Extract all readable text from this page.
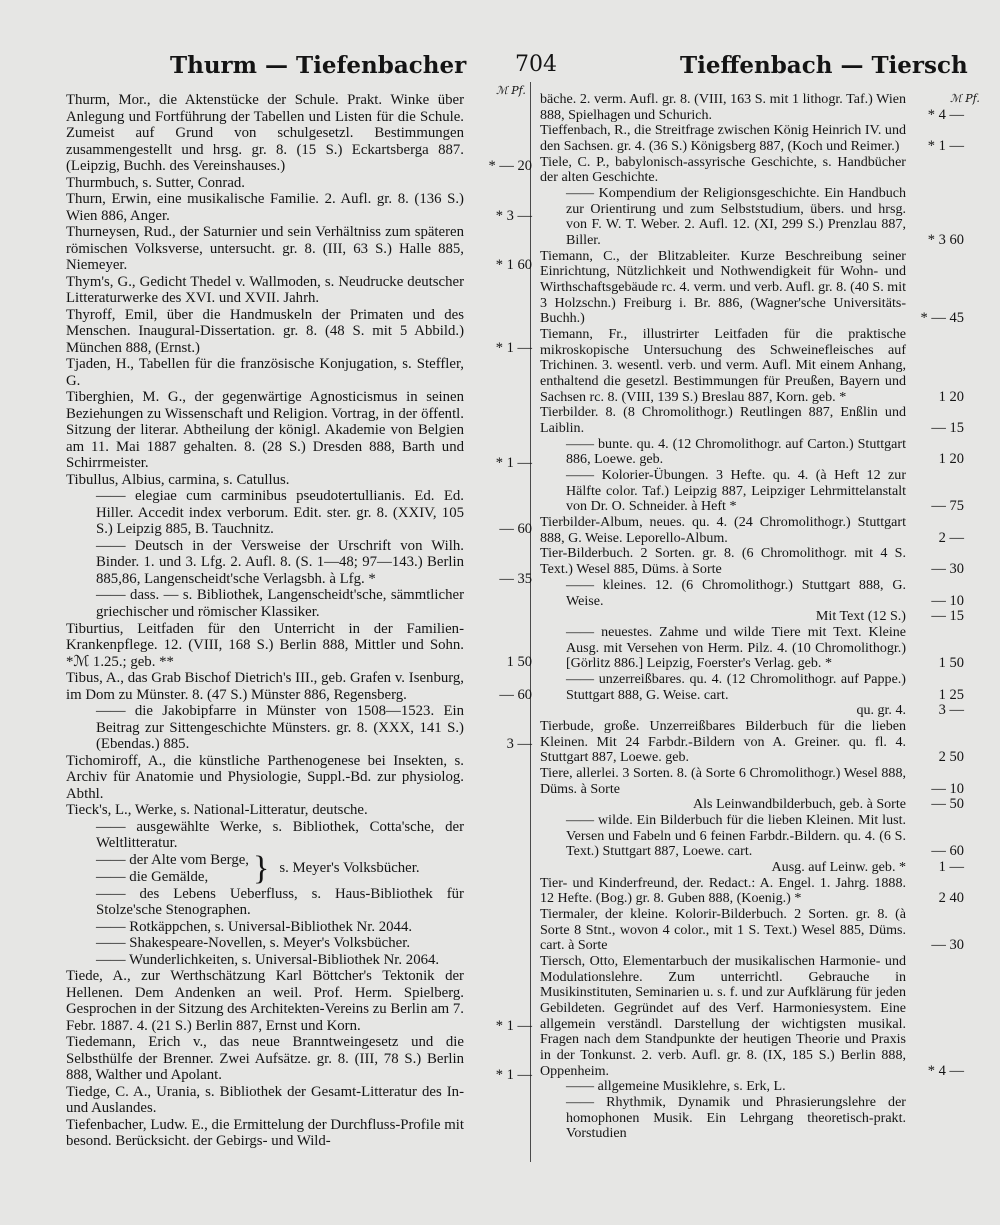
Thurm — Tiefenbacher 704	Tieffenbach — Tiersch
ℳ Pf.
ℳ Pf.
Thurm, Mor., die Aktenstücke der Schule. Prakt. Winke über Anlegung und Fortführung der Tabellen und Listen für die Schule. Zumeist auf Grund von schulgesetzl. Bestimmungen zusammengestellt und hrsg. gr. 8. (15 S.) Eckartsberga 887. (Leipzig, Buchh. des Vereinshauses.)	* — 20
Thurmbuch, s. Sutter, Conrad.
Thurn, Erwin, eine musikalische Familie. 2. Aufl. gr. 8. (136 S.) Wien 886, Anger.	* 3 —
Thurneysen, Rud., der Saturnier und sein Verhältniss zum späteren römischen Volksverse, untersucht. gr. 8. (III, 63 S.) Halle 885, Niemeyer.	* 1 60
Thym's, G., Gedicht Thedel v. Wallmoden, s. Neudrucke deutscher Litteraturwerke des XVI. und XVII. Jahrh.
Thyroff, Emil, über die Handmuskeln der Primaten und des Menschen. Inaugural-Dissertation. gr. 8. (48 S. mit 5 Abbild.) München 888, (Ernst.)	* 1 —
Tjaden, H., Tabellen für die französische Konjugation, s. Steffler, G.
Tiberghien, M. G., der gegenwärtige Agnosticismus in seinen Beziehungen zu Wissenschaft und Religion. Vortrag, in der öffentl. Sitzung der literar. Abtheilung der königl. Akademie von Belgien am 11. Mai 1887 gehalten. 8. (28 S.) Dresden 888, Barth und Schirrmeister.	* 1 —
Tibullus, Albius, carmina, s. Catullus.
—— elegiae cum carminibus pseudotertullianis. Ed. Ed. Hiller. Accedit index verborum. Edit. ster. gr. 8. (XXIV, 105 S.) Leipzig 885, B. Tauchnitz.	— 60
—— Deutsch in der Versweise der Urschrift von Wilh. Binder. 1. und 3. Lfg. 2. Aufl. 8. (S. 1—48; 97—143.) Berlin 885,86, Langenscheidt'sche Verlagsbh. à Lfg. *	— 35
—— dass. — s. Bibliothek, Langenscheidt'sche, sämmtlicher griechischer und römischer Klassiker.
Tiburtius, Leitfaden für den Unterricht in der Familien-Krankenpflege. 12. (VIII, 168 S.) Berlin 888, Mittler und Sohn. *ℳ 1.25.; geb. **	1 50
Tibus, A., das Grab Bischof Dietrich's III., geb. Grafen v. Isenburg, im Dom zu Münster. 8. (47 S.) Münster 886, Regensberg.	— 60
—— die Jakobipfarre in Münster von 1508—1523. Ein Beitrag zur Sittengeschichte Münsters. gr. 8. (XXX, 141 S.) (Ebendas.) 885.	3 —
Tichomiroff, A., die künstliche Parthenogenese bei Insekten, s. Archiv für Anatomie und Physiologie, Suppl.-Bd. zur physiolog. Abthl.
Tieck's, L., Werke, s. National-Litteratur, deutsche.
—— ausgewählte Werke, s. Bibliothek, Cotta'sche, der Weltlitteratur.
—— der Alte vom Berge,
—— die Gemälde,	} s. Meyer's Volksbücher.
—— des Lebens Ueberfluss, s. Haus-Bibliothek für Stolze'sche Stenographen.
—— Rotkäppchen, s. Universal-Bibliothek Nr. 2044.
—— Shakespeare-Novellen, s. Meyer's Volksbücher.
—— Wunderlichkeiten, s. Universal-Bibliothek Nr. 2064.
Tiede, A., zur Werthschätzung Karl Böttcher's Tektonik der Hellenen. Dem Andenken an weil. Prof. Herm. Spielberg. Gesprochen in der Sitzung des Architekten-Vereins zu Berlin am 7. Febr. 1887. 4. (21 S.) Berlin 887, Ernst und Korn.	* 1 —
Tiedemann, Erich v., das neue Branntweingesetz und die Selbsthülfe der Brenner. Zwei Aufsätze. gr. 8. (III, 78 S.) Berlin 888, Walther und Apolant.	* 1 —
Tiedge, C. A., Urania, s. Bibliothek der Gesamt-Litteratur des In- und Auslandes.
Tiefenbacher, Ludw. E., die Ermittelung der Durchfluss-Profile mit besond. Berücksicht. der Gebirgs- und Wild-
bäche. 2. verm. Aufl. gr. 8. (VIII, 163 S. mit 1 lithogr. Taf.) Wien 888, Spielhagen und Schurich.	* 4 —
Tieffenbach, R., die Streitfrage zwischen König Heinrich IV. und den Sachsen. gr. 4. (36 S.) Königsberg 887, (Koch und Reimer.) * 1 —
Tiele, C. P., babylonisch-assyrische Geschichte, s. Handbücher der alten Geschichte.
—— Kompendium der Religionsgeschichte. Ein Handbuch zur Orientirung und zum Selbststudium, übers. und hrsg. von F. W. T. Weber. 2. Aufl. 12. (XI, 299 S.) Prenzlau 887, Biller.	* 3 60
Tiemann, C., der Blitzableiter. Kurze Beschreibung seiner Einrichtung, Nützlichkeit und Nothwendigkeit für Wohn- und Wirthschaftsgebäude rc. 4. verm. und verb. Aufl. gr. 8. (40 S. mit 3 Holzschn.) Freiburg i. Br. 886, (Wagner'sche Universitäts-Buchh.)	* — 45
Tiemann, Fr., illustrirter Leitfaden für die praktische mikroskopische Untersuchung des Schweinefleisches auf Trichinen. 3. wesentl. verb. und verm. Aufl. Mit einem Anhang, enthaltend die gesetzl. Bestimmungen für Preußen, Bayern und Sachsen rc. 8. (VIII, 139 S.) Breslau 887, Korn. geb. *	1 20
Tierbilder. 8. (8 Chromolithogr.) Reutlingen 887, Enßlin und Laiblin.	— 15
—— bunte. qu. 4. (12 Chromolithogr. auf Carton.) Stuttgart 886, Loewe. geb.	1 20
—— Kolorier-Übungen. 3 Hefte. qu. 4. (à Heft 12 zur Hälfte color. Taf.) Leipzig 887, Leipziger Lehrmittelanstalt von Dr. O. Schneider. à Heft *	— 75
Tierbilder-Album, neues. qu. 4. (24 Chromolithogr.) Stuttgart 888, G. Weise. Leporello-Album.	2 —
Tier-Bilderbuch. 2 Sorten. gr. 8. (6 Chromolithogr. mit 4 S. Text.) Wesel 885, Düms. à Sorte	— 30
—— kleines. 12. (6 Chromolithogr.) Stuttgart 888, G. Weise.	— 10
Mit Text (12 S.) — 15
—— neuestes. Zahme und wilde Tiere mit Text. Kleine Ausg. mit Versehen von Herm. Pilz. 4. (10 Chromolithogr.) [Görlitz 886.] Leipzig, Foerster's Verlag. geb. *	1 50
—— unzerreißbares. qu. 4. (12 Chromolithogr. auf Pappe.) Stuttgart 888, G. Weise. cart.	1 25
qu. gr. 4. 3 —
Tierbude, große. Unzerreißbares Bilderbuch für die lieben Kleinen. Mit 24 Farbdr.-Bildern von A. Greiner. qu. fl. 4. Stuttgart 887, Loewe. geb.	2 50
Tiere, allerlei. 3 Sorten. 8. (à Sorte 6 Chromolithogr.) Wesel 888, Düms. à Sorte	— 10
Als Leinwandbilderbuch, geb. à Sorte — 50
—— wilde. Ein Bilderbuch für die lieben Kleinen. Mit lust. Versen und Fabeln und 6 feinen Farbdr.-Bildern. qu. 4. (6 S. Text.) Stuttgart 887, Loewe. cart.	— 60
Ausg. auf Leinw. geb. * 1 —
Tier- und Kinderfreund, der. Redact.: A. Engel. 1. Jahrg. 1888. 12 Hefte. (Bog.) gr. 8. Guben 888, (Koenig.) *	2 40
Tiermaler, der kleine. Kolorir-Bilderbuch. 2 Sorten. gr. 8. (à Sorte 8 Stnt., wovon 4 color., mit 1 S. Text.) Wesel 885, Düms. cart. à Sorte	— 30
Tiersch, Otto, Elementarbuch der musikalischen Harmonie- und Modulationslehre. Zum unterrichtl. Gebrauche in Musikinstituten, Seminarien u. s. f. und zur Aufklärung für jeden Gebildeten. Gegründet auf des Verf. Harmoniesystem. Eine allgemein verständl. Darstellung der wichtigsten musikal. Fragen nach dem Standpunkte der heutigen Theorie und Praxis in der Tonkunst. 2. verb. Aufl. gr. 8. (IX, 185 S.) Berlin 888, Oppenheim.	* 4 —
—— allgemeine Musiklehre, s. Erk, L.
—— Rhythmik, Dynamik und Phrasierungslehre der homophonen Musik. Ein Lehrgang theoretisch-prakt. Vorstudien
